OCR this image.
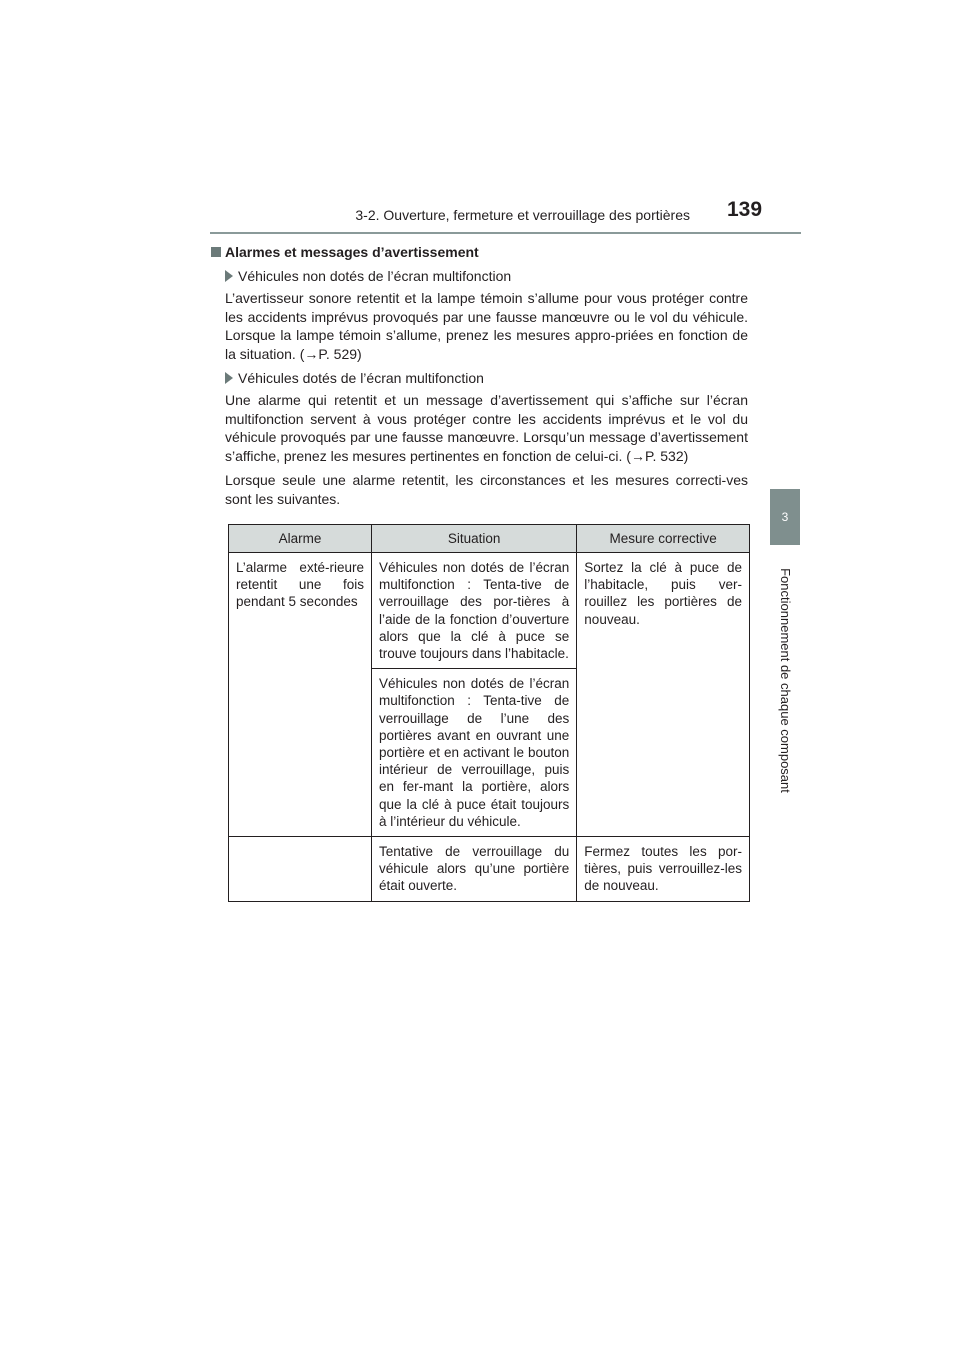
3-2. Ouverture, fermeture et verrouillage des portières 139
3
Fonctionnement de chaque composant
Alarmes et messages d’avertissement
Véhicules non dotés de l’écran multifonction

L’avertisseur sonore retentit et la lampe témoin s’allume pour vous protéger contre les accidents imprévus provoqués par une fausse manœuvre ou le vol du véhicule. Lorsque la lampe témoin s’allume, prenez les mesures appro-priées en fonction de la situation. (→P. 529)

Véhicules dotés de l’écran multifonction

Une alarme qui retentit et un message d’avertissement qui s’affiche sur l’écran multifonction servent à vous protéger contre les accidents imprévus et le vol du véhicule provoqués par une fausse manœuvre. Lorsqu’un message d’avertissement s’affiche, prenez les mesures pertinentes en fonction de celui-ci. (→P. 532)

Lorsque seule une alarme retentit, les circonstances et les mesures correcti-ves sont les suivantes.

Alarme	Situation	Mesure corrective
L’alarme exté-rieure retentit une fois pendant 5 secondes	Véhicules non dotés de l’écran multifonction : Tenta-tive de verrouillage des por-tières à l’aide de la fonction d’ouverture alors que la clé à puce se trouve toujours dans l’habitacle.	Sortez la clé à puce de l’habitacle, puis ver-rouillez les portières de nouveau.
	Véhicules non dotés de l’écran multifonction : Tenta-tive de verrouillage de l’une des portières avant en ouvrant une portière et en activant le bouton intérieur de verrouillage, puis en fer-mant la portière, alors que la clé à puce était toujours à l’intérieur du véhicule.	
	Tentative de verrouillage du véhicule alors qu’une portière était ouverte.	Fermez toutes les por-tières, puis verrouillez-les de nouveau.
